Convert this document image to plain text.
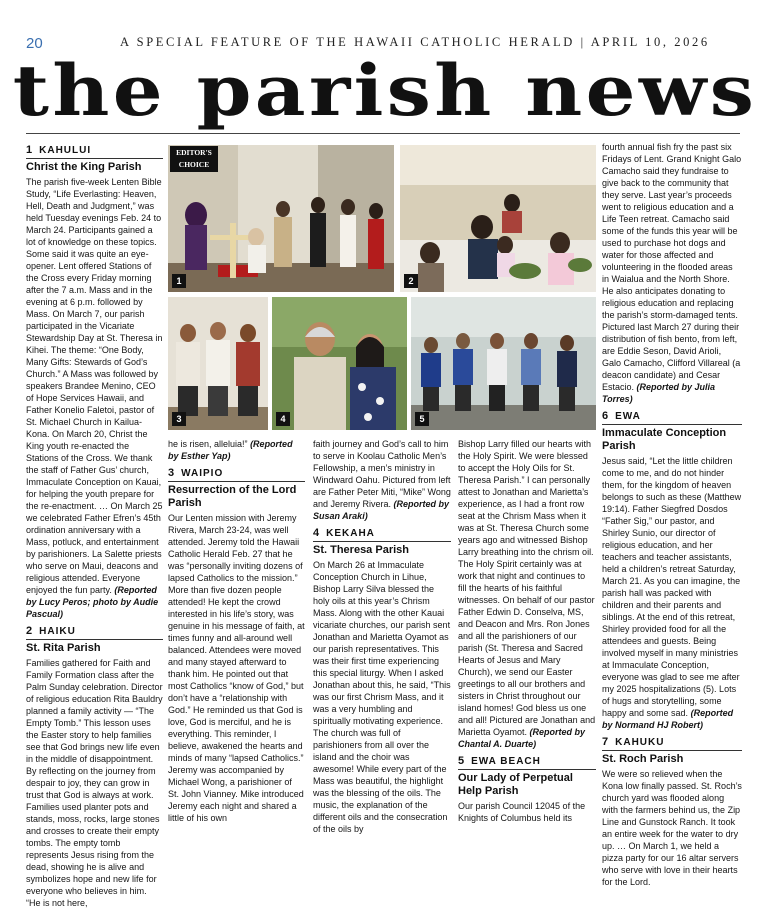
20	A SPECIAL FEATURE OF THE HAWAII CATHOLIC HERALD | APRIL 10, 2026
the parish news
EDITOR'S
CHOICE
1	2
3	4	5
1 KAHULUI
Christ the King Parish

The parish five-week Lenten Bible Study, “Life Everlasting: Heaven, Hell, Death and Judgment,” was held Tuesday evenings Feb. 24 to March 24. Participants gained a lot of knowledge on these topics. Some said it was quite an eye-opener. Lent offered Stations of the Cross every Friday morning after the 7 a.m. Mass and in the evening at 6 p.m. followed by Mass. On March 7, our parish participated in the Vicariate Stewardship Day at St. Theresa in Kihei. The theme: “One Body, Many Gifts: Stewards of God’s Church.” A Mass was followed by speakers Brandee Menino, CEO of Hope Services Hawaii, and Father Konelio Faletoi, pastor of St. Michael Church in Kailua-Kona. On March 20, Christ the King youth re-enacted the Stations of the Cross. We thank the staff of Father Gus’ church, Immaculate Conception on Kauai, for helping the youth prepare for the re-enactment. … On March 25 we celebrated Father Efren’s 45th ordination anniversary with a Mass, potluck, and entertainment by parishioners. La Salette priests who serve on Maui, deacons and religious attended. Everyone enjoyed the fun party. (Reported by Lucy Peros; photo by Audie Pascual)

2 HAIKU
St. Rita Parish

Families gathered for Faith and Family Formation class after the Palm Sunday celebration. Director of religious education Rita Bauldry planned a family activity — “The Empty Tomb.” This lesson uses the Easter story to help families see that God brings new life even in the middle of disappointment. By reflecting on the journey from despair to joy, they can grow in trust that God is always at work. Families used planter pots and stands, moss, rocks, large stones and crosses to create their empty tombs. The empty tomb represents Jesus rising from the dead, showing he is alive and symbolizes hope and new life for everyone who believes in him. “He is not here,

he is risen, alleluia!” (Reported by Esther Yap)

3 WAIPIO
Resurrection of the Lord Parish

Our Lenten mission with Jeremy Rivera, March 23-24, was well attended. Jeremy told the Hawaii Catholic Herald Feb. 27 that he was “personally inviting dozens of lapsed Catholics to the mission.” More than five dozen people attended! He kept the crowd interested in his life’s story, was genuine in his message of faith, at times funny and all-around well balanced. Attendees were moved and many stayed afterward to thank him. He pointed out that most Catholics “know of God,” but don’t have a “relationship with God.” He reminded us that God is love, God is merciful, and he is everything. This reminder, I believe, awakened the hearts and minds of many “lapsed Catholics.” Jeremy was accompanied by Michael Wong, a parishioner of St. John Vianney. Mike introduced Jeremy each night and shared a little of his own

faith journey and God’s call to him to serve in Koolau Catholic Men’s Fellowship, a men’s ministry in Windward Oahu. Pictured from left are Father Peter Miti, “Mike” Wong and Jeremy Rivera. (Reported by Susan Araki)

4 KEKAHA
St. Theresa Parish

On March 26 at Immaculate Conception Church in Lihue, Bishop Larry Silva blessed the holy oils at this year’s Chrism Mass. Along with the other Kauai vicariate churches, our parish sent Jonathan and Marietta Oyamot as our parish representatives. This was their first time experiencing this special liturgy. When I asked Jonathan about this, he said, “This was our first Chrism Mass, and it was a very humbling and spiritually motivating experience. The church was full of parishioners from all over the island and the choir was awesome! While every part of the Mass was beautiful, the highlight was the blessing of the oils. The music, the explanation of the different oils and the consecration of the oils by

Bishop Larry filled our hearts with the Holy Spirit. We were blessed to accept the Holy Oils for St. Theresa Parish.” I can personally attest to Jonathan and Marietta’s experience, as I had a front row seat at the Chrism Mass when it was at St. Theresa Church some years ago and witnessed Bishop Larry breathing into the chrism oil. The Holy Spirit certainly was at work that night and continues to fill the hearts of his faithful witnesses. On behalf of our pastor Father Edwin D. Conselva, MS, and Deacon and Mrs. Ron Jones and all the parishioners of our parish (St. Theresa and Sacred Hearts of Jesus and Mary Church), we send our Easter greetings to all our brothers and sisters in Christ throughout our island homes! God bless us one and all! Pictured are Jonathan and Marietta Oyamot. (Reported by Chantal A. Duarte)

5 EWA BEACH
Our Lady of Perpetual Help Parish

Our parish Council 12045 of the Knights of Columbus held its

fourth annual fish fry the past six Fridays of Lent. Grand Knight Galo Camacho said they fundraise to give back to the community that they serve. Last year’s proceeds went to religious education and a Life Teen retreat. Camacho said some of the funds this year will be used to purchase hot dogs and water for those affected and volunteering in the flooded areas in Waialua and the North Shore. He also anticipates donating to religious education and replacing the parish’s storm-damaged tents. Pictured last March 27 during their distribution of fish bento, from left, are Eddie Seson, David Arioli, Galo Camacho, Clifford Villareal (a deacon candidate) and Cesar Estacio. (Reported by Julia Torres)

6 EWA
Immaculate Conception Parish

Jesus said, “Let the little children come to me, and do not hinder them, for the kingdom of heaven belongs to such as these (Matthew 19:14). Father Siegfred Dosdos “Father Sig,” our pastor, and Shirley Sunio, our director of religious education, and her teachers and teacher assistants, held a children’s retreat Saturday, March 21. As you can imagine, the parish hall was packed with children and their parents and siblings. At the end of this retreat, Shirley provided food for all the attendees and guests. Being involved myself in many ministries at Immaculate Conception, everyone was glad to see me after my 2025 hospitalizations (5). Lots of hugs and storytelling, some happy and some sad. (Reported by Normand HJ Robert)

7 KAHUKU
St. Roch Parish

We were so relieved when the Kona low finally passed. St. Roch’s church yard was flooded along with the farmers behind us, the Zip Line and Gunstock Ranch. It took an entire week for the water to dry up. … On March 1, we held a pizza party for our 16 altar servers who serve with love in their hearts for the Lord.
